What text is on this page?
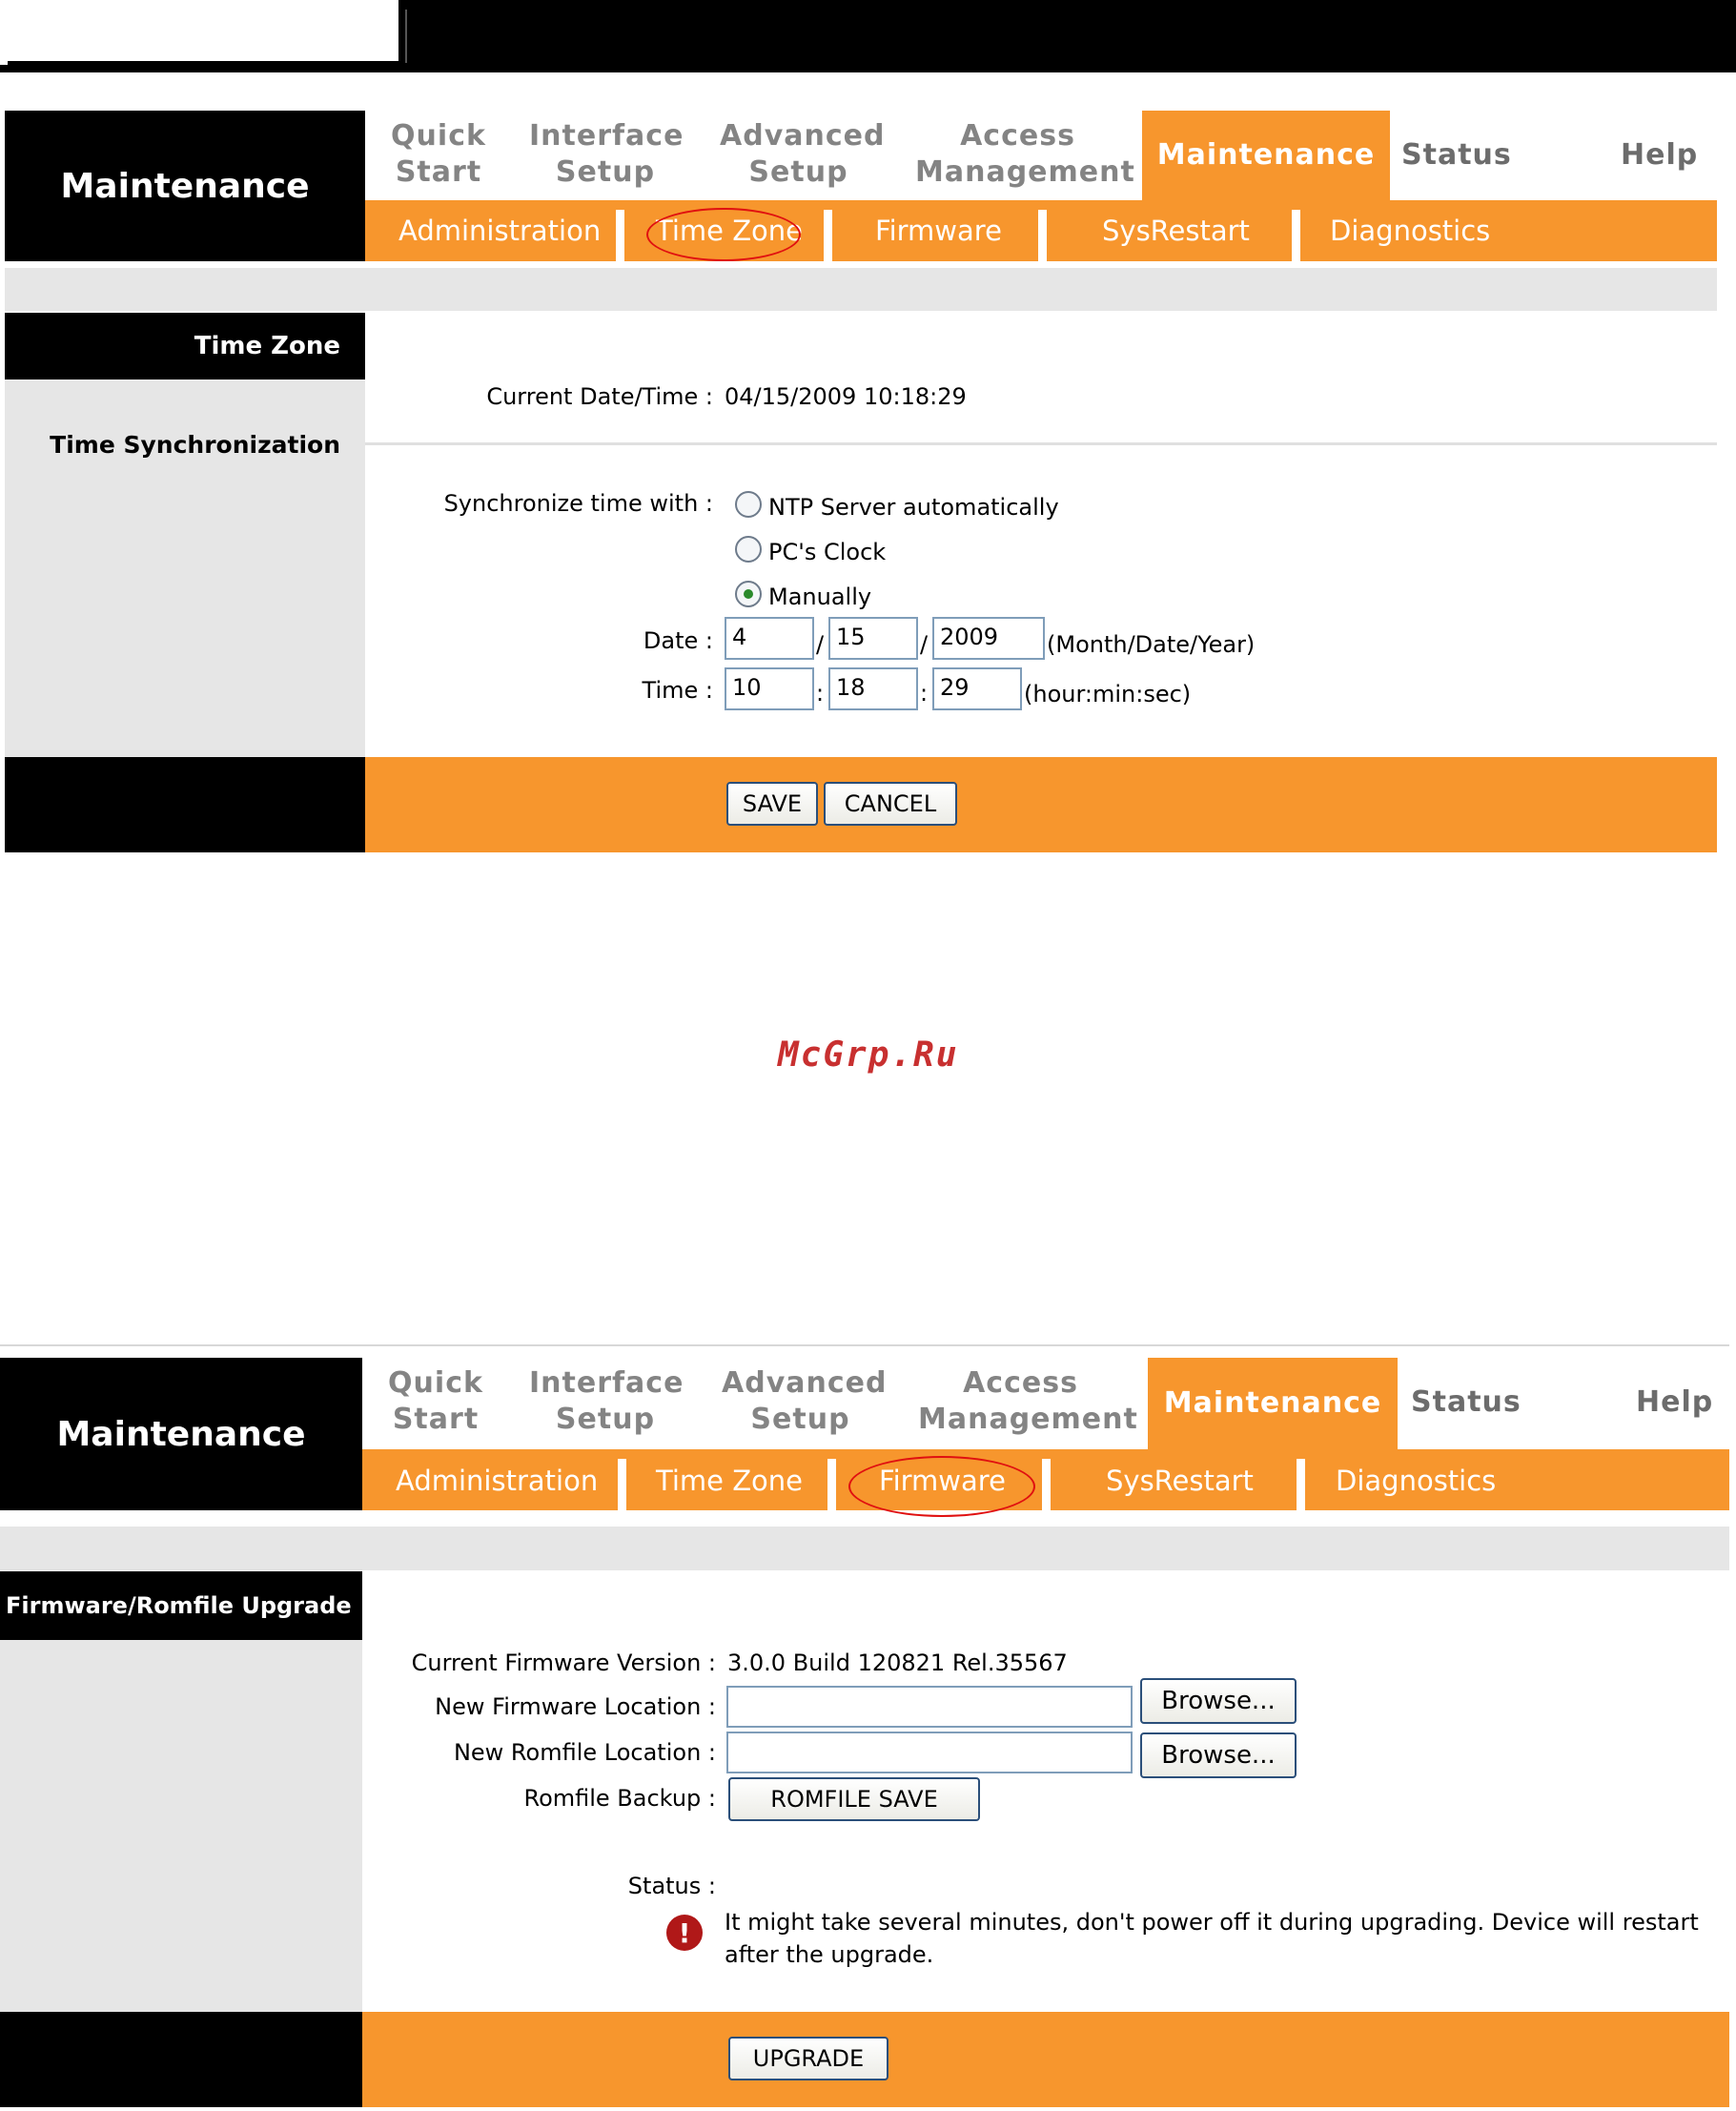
Maintenance
Quick
Start
Interface
Setup
Advanced
Setup
Access
Management
Maintenance Status	Help
Administration Time Zone	Firmware	SysRestart	Diagnostics
Time Zone
Time Synchronization
Current Date/Time : 04/15/2009 10:18:29
Synchronize time with : NTP Server automatically
PC's Clock
Manually
Date : 4	/ 15	/ 2009	(Month/Date/Year)
Time : 10	: 18	: 29	(hour:min:sec)
SAVE	CANCEL
McGrp.Ru
Maintenance
Quick
Start
Interface
Setup
Advanced
Setup
Access
Management Maintenance	Status	Help
Administration Time Zone	Firmware	SysRestart	Diagnostics
Firmware/Romfile Upgrade
Current Firmware Version : 3.0.0 Build 120821 Rel.35567
New Firmware Location :	Browse...
New Romfile Location :	Browse...
Romfile Backup :	ROMFILE SAVE
Status :
!	It might take several minutes, don't power off it during upgrading. Device will restart after the upgrade.
UPGRADE
